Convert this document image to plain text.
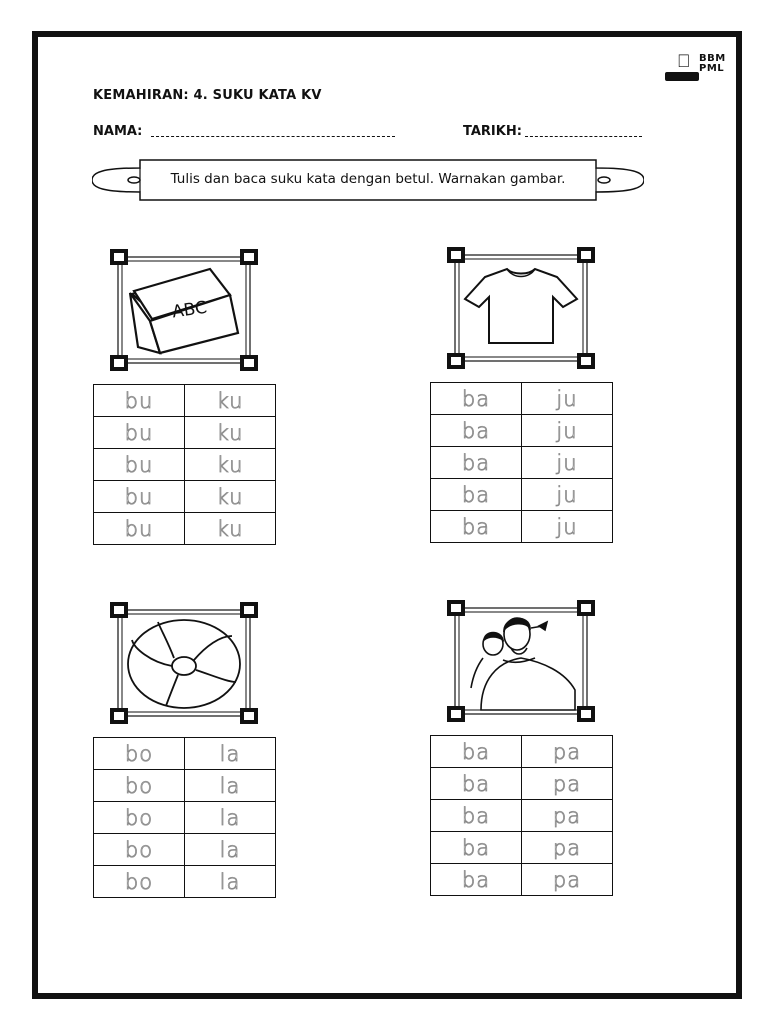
BBM
PML
KEMAHIRAN: 4. SUKU KATA KV
NAMA:	TARIKH:
Tulis dan baca suku kata dengan betul. Warnakan gambar.
ABC
bu	ku
bu	ku
bu	ku
bu	ku
bu	ku
ba	ju
ba	ju
ba	ju
ba	ju
ba	ju
bo	la
bo	la
bo	la
bo	la
bo	la
ba	pa
ba	pa
ba	pa
ba	pa
ba	pa
